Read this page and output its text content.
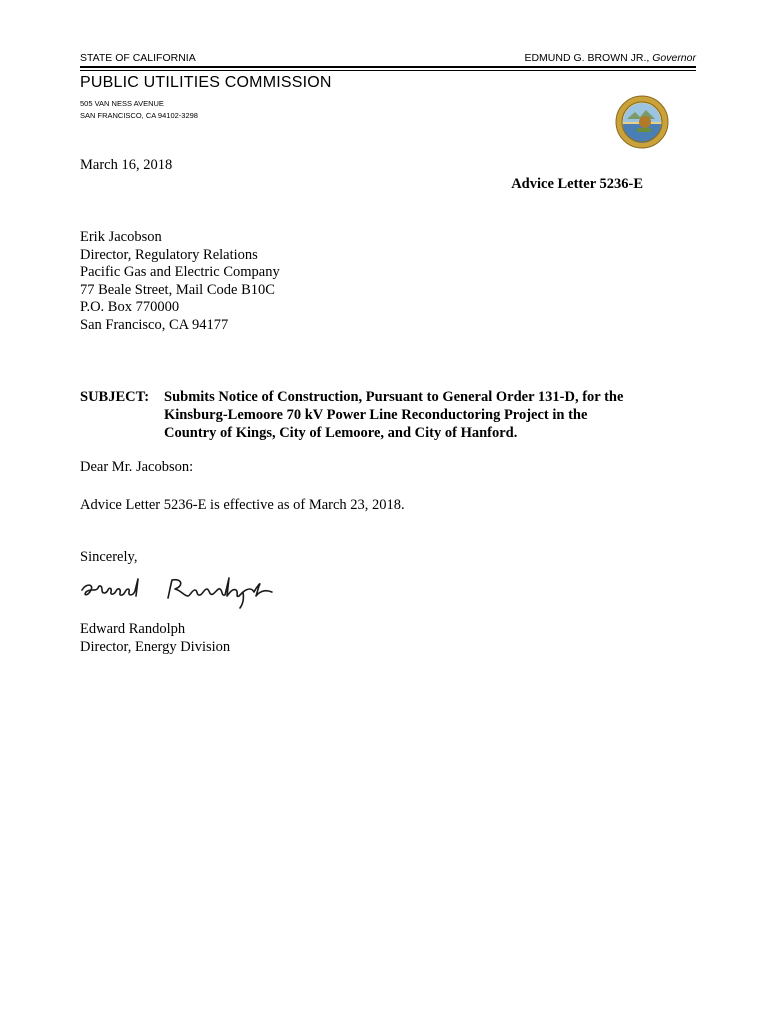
STATE OF CALIFORNIA	EDMUND G. BROWN JR., Governor
PUBLIC UTILITIES COMMISSION
505 VAN NESS AVENUE
SAN FRANCISCO, CA 94102-3298
March 16, 2018
Advice Letter 5236-E
Erik Jacobson
Director, Regulatory Relations
Pacific Gas and Electric Company
77 Beale Street, Mail Code B10C
P.O. Box 770000
San Francisco, CA 94177
SUBJECT: Submits Notice of Construction, Pursuant to General Order 131-D, for the
Kinsburg-Lemoore 70 kV Power Line Reconductoring Project in the
Country of Kings, City of Lemoore, and City of Hanford.
Dear Mr. Jacobson:
Advice Letter 5236-E is effective as of March 23, 2018.
Sincerely,
Edward Randolph
Director, Energy Division
